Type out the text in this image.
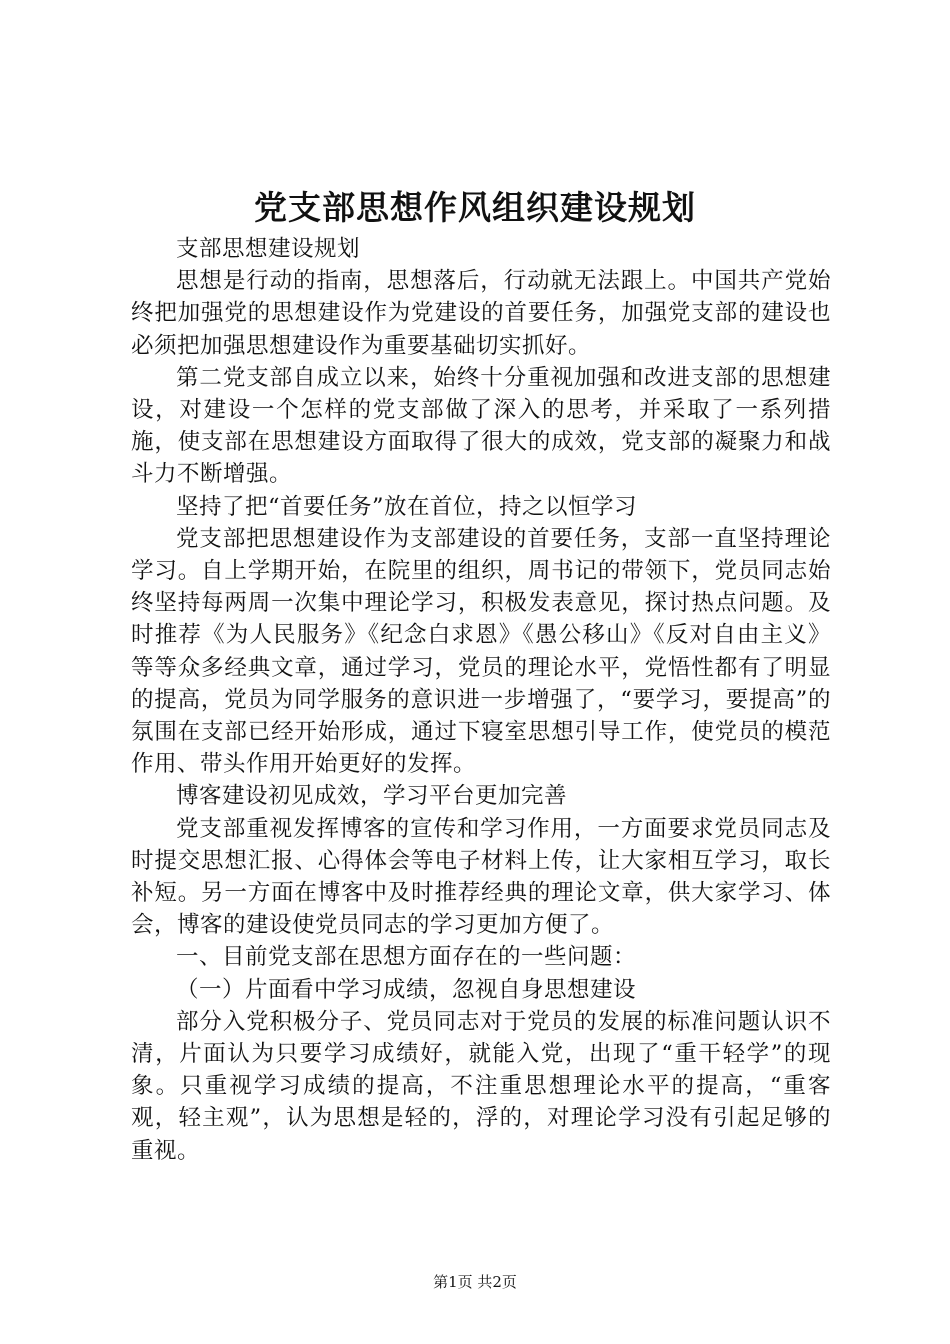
党支部思想作风组织建设规划

支部思想建设规划

思想是行动的指南，思想落后，行动就无法跟上。中国共产党始终把加强党的思想建设作为党建设的首要任务，加强党支部的建设也必须把加强思想建设作为重要基础切实抓好。

第二党支部自成立以来，始终十分重视加强和改进支部的思想建设，对建设一个怎样的党支部做了深入的思考，并采取了一系列措施，使支部在思想建设方面取得了很大的成效，党支部的凝聚力和战斗力不断增强。

坚持了把“首要任务”放在首位，持之以恒学习

党支部把思想建设作为支部建设的首要任务，支部一直坚持理论学习。自上学期开始，在院里的组织，周书记的带领下，党员同志始终坚持每两周一次集中理论学习，积极发表意见，探讨热点问题。及时推荐《为人民服务》《纪念白求恩》《愚公移山》《反对自由主义》等等众多经典文章，通过学习，党员的理论水平，党悟性都有了明显的提高，党员为同学服务的意识进一步增强了，“要学习，要提高”的氛围在支部已经开始形成，通过下寝室思想引导工作，使党员的模范作用、带头作用开始更好的发挥。

博客建设初见成效，学习平台更加完善

党支部重视发挥博客的宣传和学习作用，一方面要求党员同志及时提交思想汇报、心得体会等电子材料上传，让大家相互学习，取长补短。另一方面在博客中及时推荐经典的理论文章，供大家学习、体会，博客的建设使党员同志的学习更加方便了。

一、目前党支部在思想方面存在的一些问题：

（一）片面看中学习成绩，忽视自身思想建设

部分入党积极分子、党员同志对于党员的发展的标准问题认识不清，片面认为只要学习成绩好，就能入党，出现了“重干轻学”的现象。只重视学习成绩的提高，不注重思想理论水平的提高，“重客观，轻主观”，认为思想是轻的，浮的，对理论学习没有引起足够的重视。

第1页 共2页
